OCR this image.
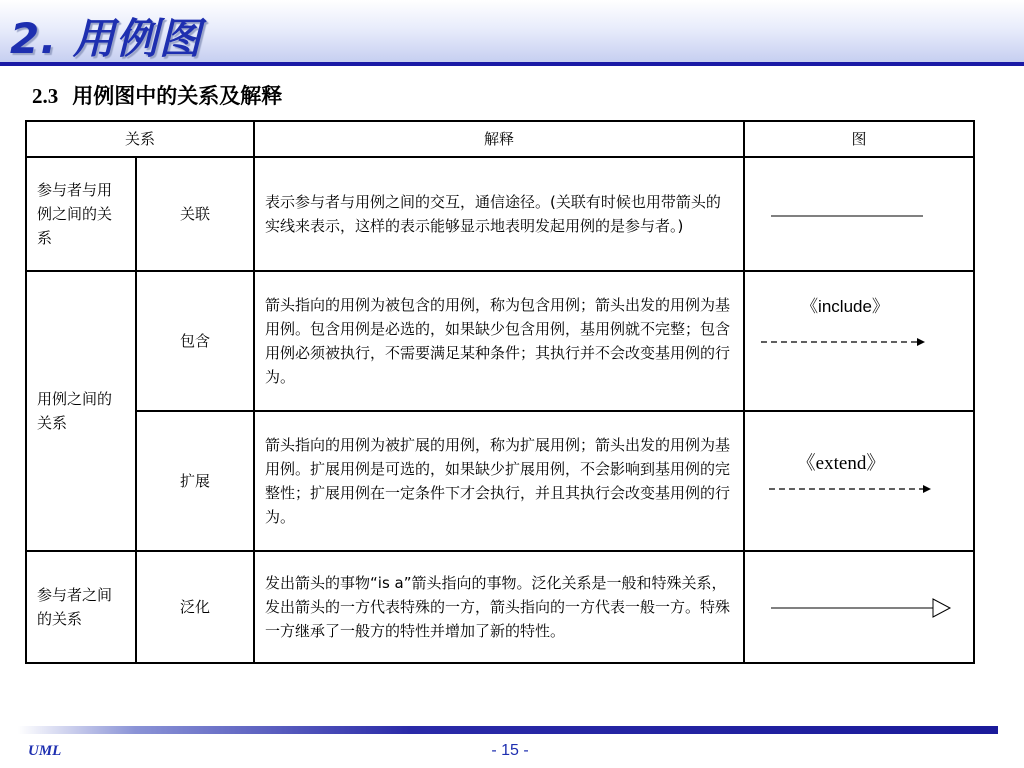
2. 用例图
2.3 用例图中的关系及解释
关系		解释	图
参与者与用例之间的关系	关联	表示参与者与用例之间的交互，通信途径。(关联有时候也用带箭头的实线来表示，这样的表示能够显示地表明发起用例的是参与者。)	

用例之间的关系	包含	箭头指向的用例为被包含的用例，称为包含用例；箭头出发的用例为基用例。包含用例是必选的，如果缺少包含用例，基用例就不完整；包含用例必须被执行，不需要满足某种条件；其执行并不会改变基用例的行为。	《include》

	扩展	箭头指向的用例为被扩展的用例，称为扩展用例；箭头出发的用例为基用例。扩展用例是可选的，如果缺少扩展用例，不会影响到基用例的完整性；扩展用例在一定条件下才会执行，并且其执行会改变基用例的行为。	《extend》

参与者之间的关系	泛化	发出箭头的事物“is a”箭头指向的事物。泛化关系是一般和特殊关系，发出箭头的一方代表特殊的一方，箭头指向的一方代表一般一方。特殊一方继承了一般方的特性并增加了新的特性。	
UML	- 15 -
